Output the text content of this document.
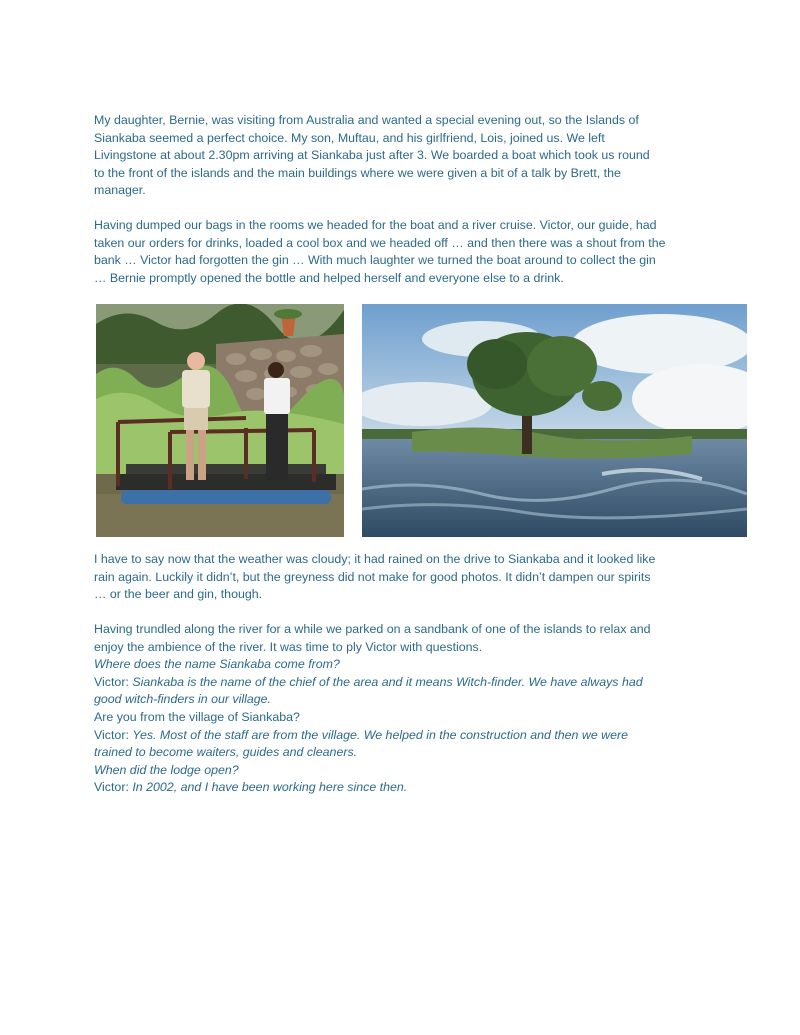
My daughter, Bernie, was visiting from Australia and wanted a special evening out, so the Islands of
Siankaba seemed a perfect choice. My son, Muftau, and his girlfriend, Lois, joined us. We left
Livingstone at about 2.30pm arriving at Siankaba just after 3. We boarded a boat which took us round
to the front of the islands and the main buildings where we were given a bit of a talk by Brett, the
manager.

Having dumped our bags in the rooms we headed for the boat and a river cruise. Victor, our guide, had
taken our orders for drinks, loaded a cool box and we headed off … and then there was a shout from the
bank … Victor had forgotten the gin … With much laughter we turned the boat around to collect the gin
… Bernie promptly opened the bottle and helped herself and everyone else to a drink.

I have to say now that the weather was cloudy; it had rained on the drive to Siankaba and it looked like
rain again. Luckily it didn’t, but the greyness did not make for good photos. It didn’t dampen our spirits
… or the beer and gin, though.

Having trundled along the river for a while we parked on a sandbank of one of the islands to relax and
enjoy the ambience of the river. It was time to ply Victor with questions.
Where does the name Siankaba come from?
Victor: Siankaba is the name of the chief of the area and it means Witch-finder. We have always had
good witch-finders in our village.
Are you from the village of Siankaba?
Victor: Yes. Most of the staff are from the village. We helped in the construction and then we were
trained to become waiters, guides and cleaners.
When did the lodge open?
Victor: In 2002, and I have been working here since then.
